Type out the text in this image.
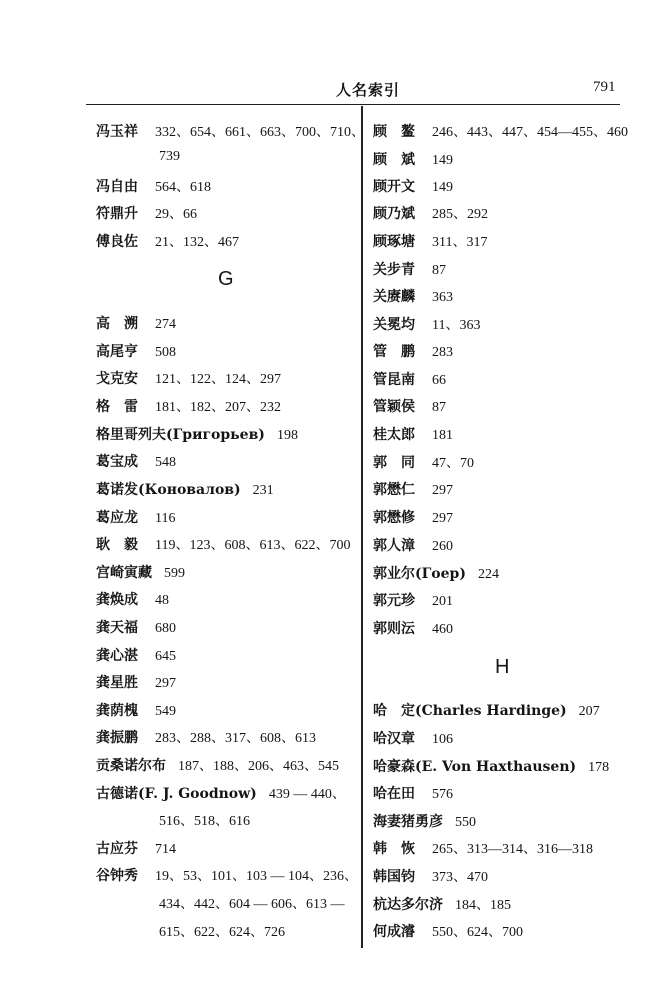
人名索引	791
冯玉祥 332、654、661、663、700、710、
739
冯自由 564、618
符鼎升 29、66
傅良佐 21、132、467
G
高　溯 274
高尾亨 508
戈克安 121、122、124、297
格　雷 181、182、207、232
格里哥列夫(Григорьев) 198
葛宝成 548
葛诺发(Коновалов) 231
葛应龙 116
耿　毅 119、123、608、613、622、700
宫崎寅藏 599
龚焕成 48
龚天福 680
龚心湛 645
龚星胜 297
龚荫槐 549
龚振鹏 283、288、317、608、613
贡桑诺尔布 187、188、206、463、545
古德诺(F. J. Goodnow) 439 — 440、
516、518、616
古应芬 714
谷钟秀 19、53、101、103 — 104、236、
434、442、604 — 606、613 —
615、622、624、726
顾　鳌 246、443、447、454—455、460
顾　斌 149
顾开文 149
顾乃斌 285、292
顾琢塘 311、317
关步青 87
关赓麟 363
关冕均 11、363
管　鹏 283
管昆南 66
管颖侯 87
桂太郎 181
郭　同 47、70
郭懋仁 297
郭懋修 297
郭人漳 260
郭业尔(Гоер) 224
郭元珍 201
郭则沄 460
H
哈　定(Charles Hardinge) 207
哈汉章 106
哈豪森(E. Von Haxthausen) 178
哈在田 576
海妻猪勇彦 550
韩　恢 265、313—314、316—318
韩国钧 373、470
杭达多尔济 184、185
何成濬 550、624、700
